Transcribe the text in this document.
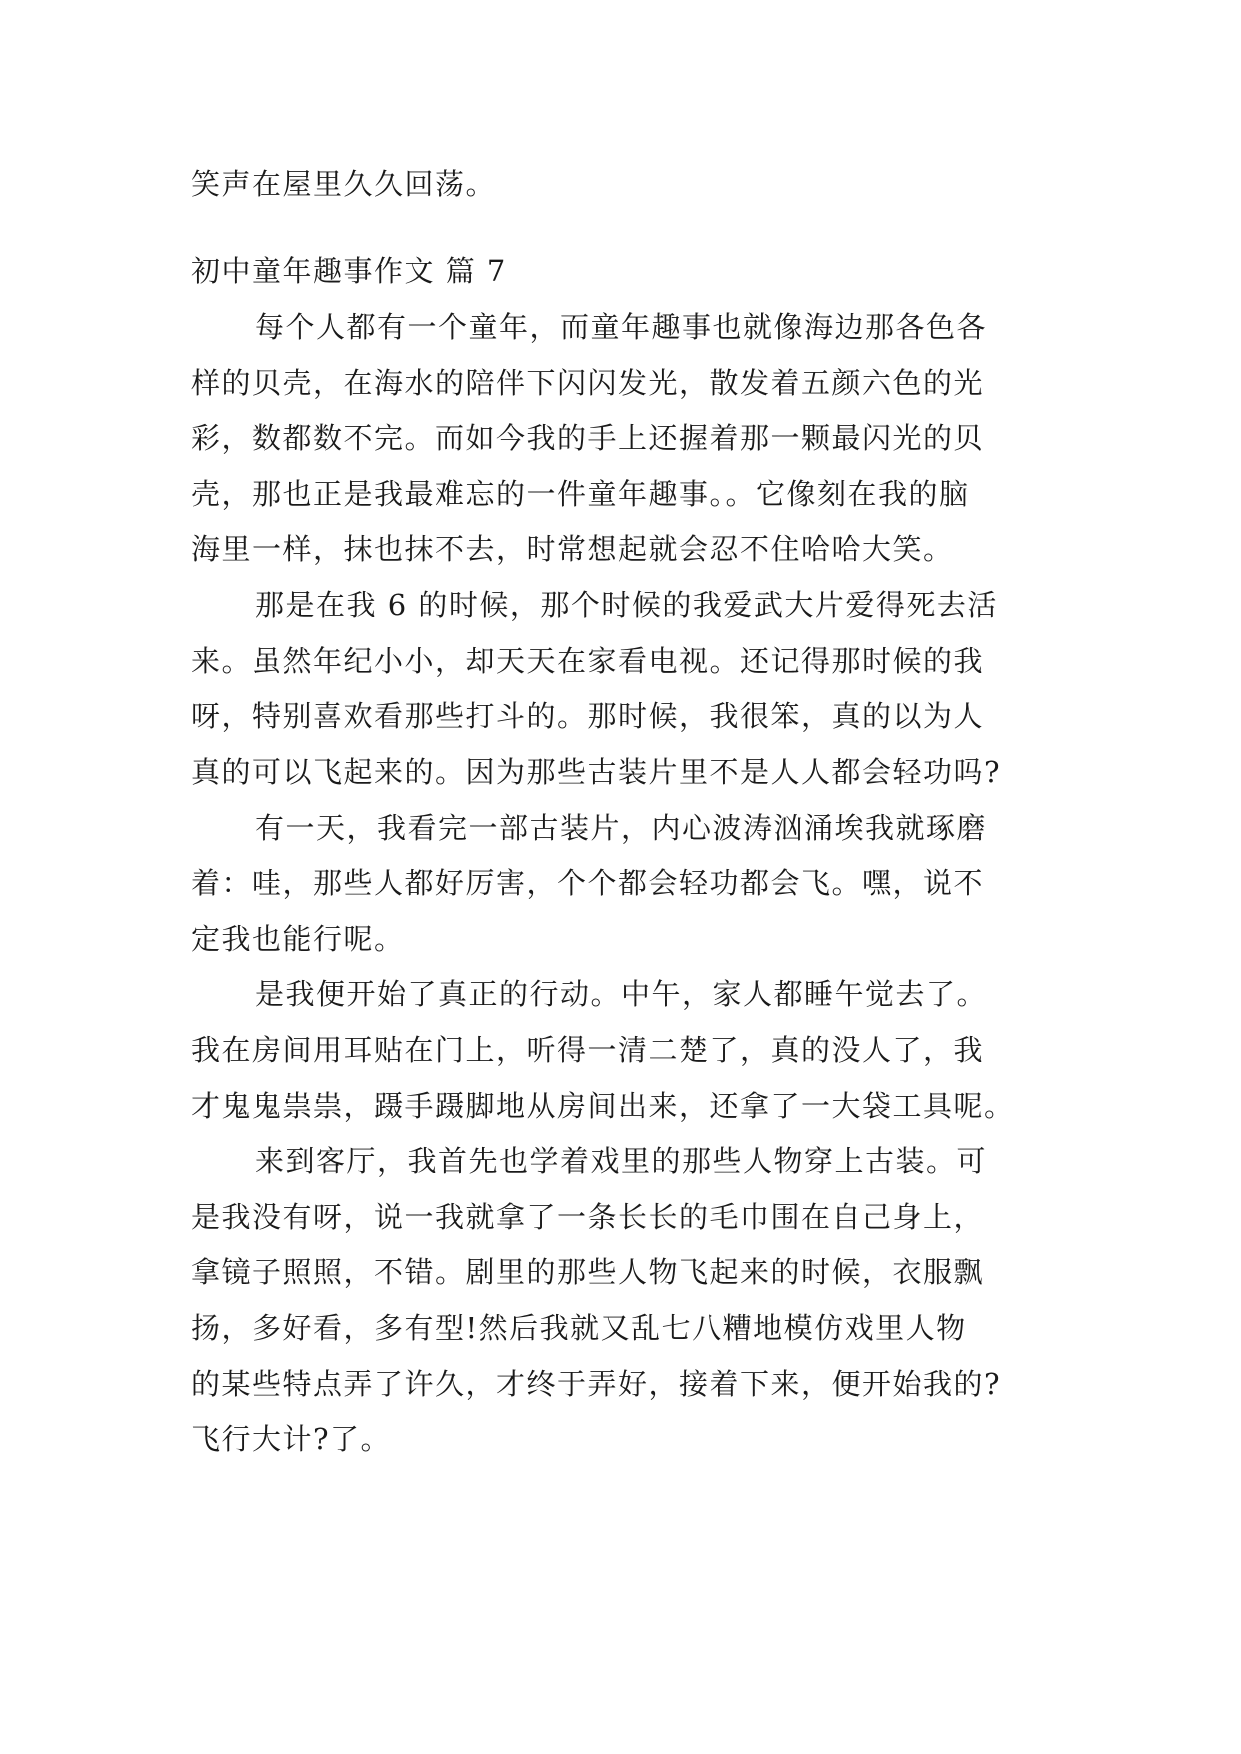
笑声在屋里久久回荡。
初中童年趣事作文 篇 7
每个人都有一个童年，而童年趣事也就像海边那各色各
样的贝壳，在海水的陪伴下闪闪发光，散发着五颜六色的光
彩，数都数不完。而如今我的手上还握着那一颗最闪光的贝
壳，那也正是我最难忘的一件童年趣事。。它像刻在我的脑
海里一样，抹也抹不去，时常想起就会忍不住哈哈大笑。
那是在我 6 的时候，那个时候的我爱武大片爱得死去活
来。虽然年纪小小，却天天在家看电视。还记得那时候的我
呀，特别喜欢看那些打斗的。那时候，我很笨，真的以为人
真的可以飞起来的。因为那些古装片里不是人人都会轻功吗?
有一天，我看完一部古装片，内心波涛汹涌埃我就琢磨
着：哇，那些人都好厉害，个个都会轻功都会飞。嘿，说不
定我也能行呢。
是我便开始了真正的行动。中午，家人都睡午觉去了。
我在房间用耳贴在门上，听得一清二楚了，真的没人了，我
才鬼鬼祟祟，蹑手蹑脚地从房间出来，还拿了一大袋工具呢。
来到客厅，我首先也学着戏里的那些人物穿上古装。可
是我没有呀，说一我就拿了一条长长的毛巾围在自己身上，
拿镜子照照，不错。剧里的那些人物飞起来的时候，衣服飘
扬，多好看，多有型!然后我就又乱七八糟地模仿戏里人物
的某些特点弄了许久，才终于弄好，接着下来，便开始我的?
飞行大计?了。
